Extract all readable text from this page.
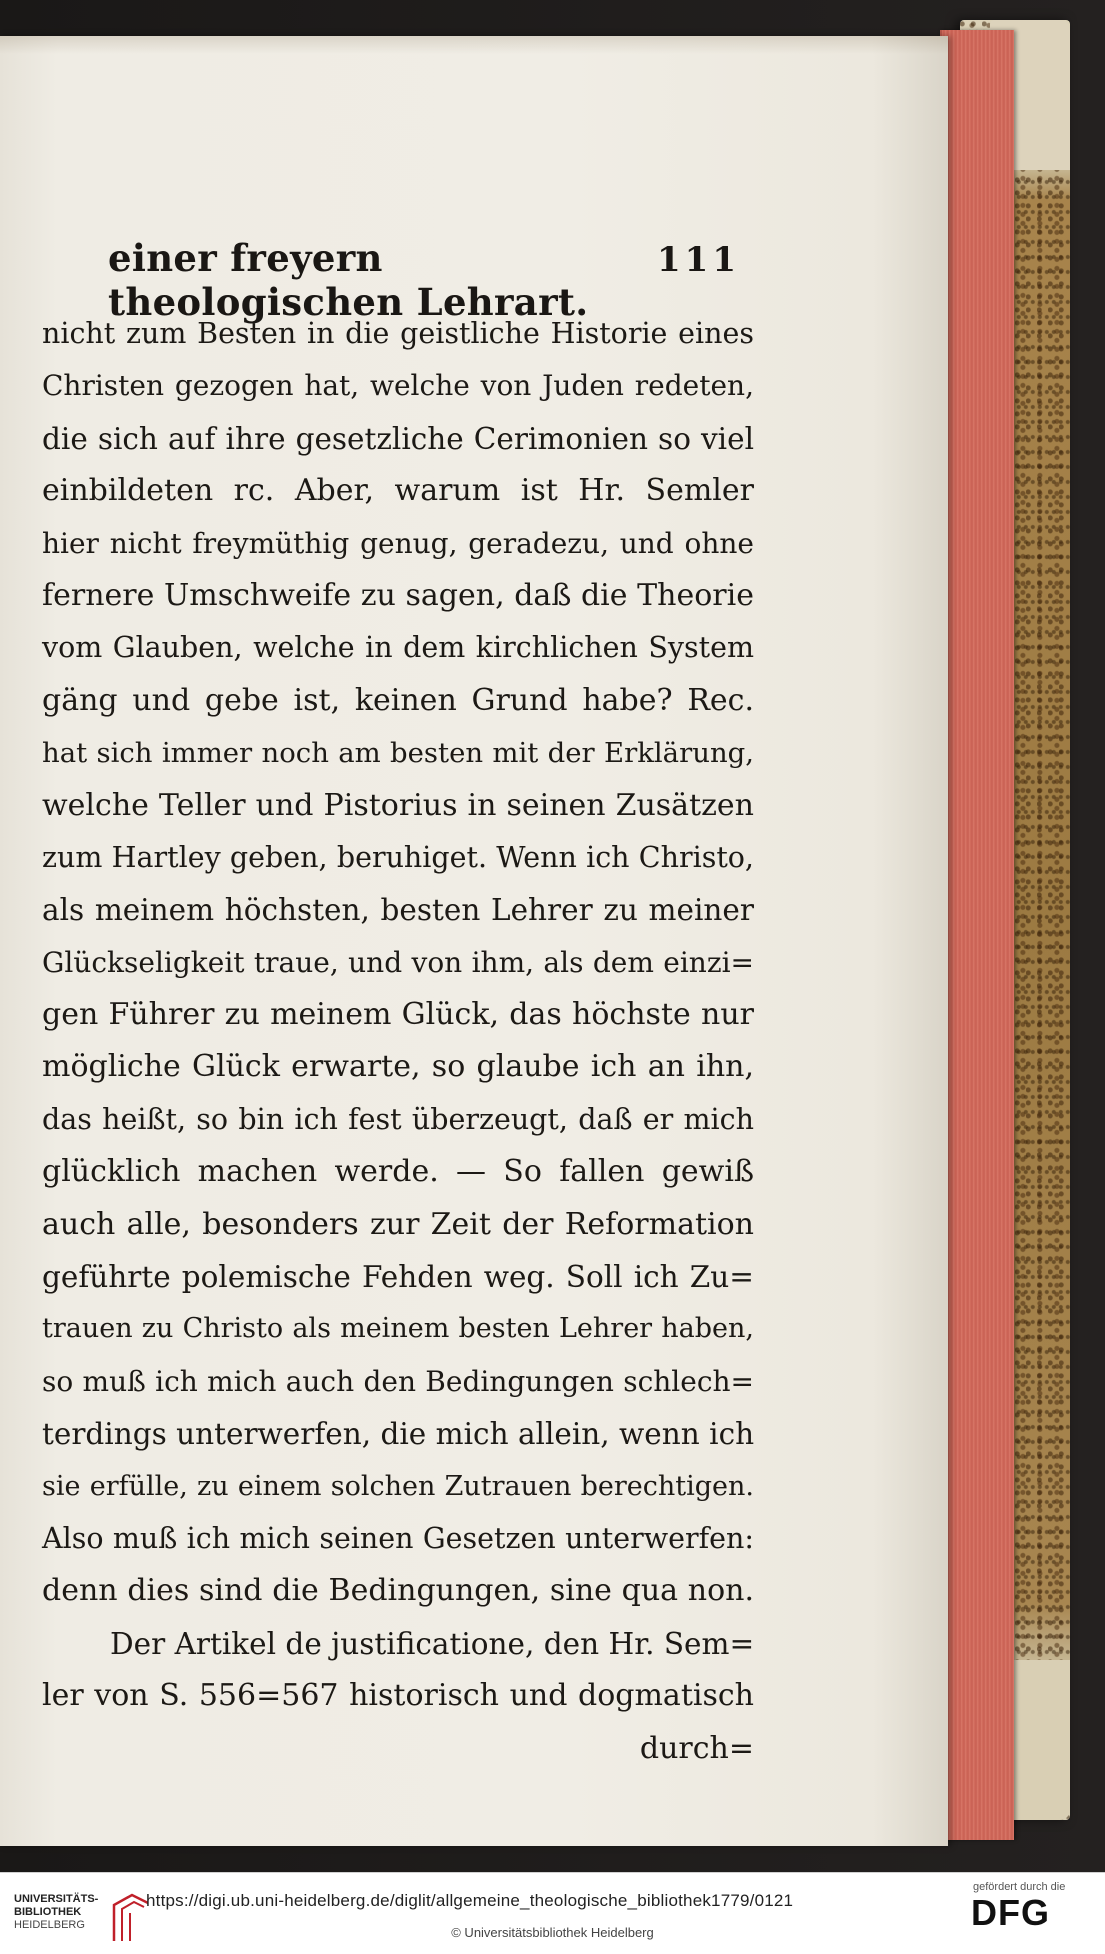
einer freyern theologischen Lehrart.
111
nicht zum Besten in die geistliche Historie eines
Christen gezogen hat, welche von Juden redeten,
die sich auf ihre gesetzliche Cerimonien so viel
einbildeten rc. Aber, warum ist Hr. Semler
hier nicht freymüthig genug, geradezu, und ohne
fernere Umschweife zu sagen, daß die Theorie
vom Glauben, welche in dem kirchlichen System
gäng und gebe ist, keinen Grund habe? Rec.
hat sich immer noch am besten mit der Erklärung,
welche Teller und Pistorius in seinen Zusätzen
zum Hartley geben, beruhiget. Wenn ich Christo,
als meinem höchsten, besten Lehrer zu meiner
Glückseligkeit traue, und von ihm, als dem einzi=
gen Führer zu meinem Glück, das höchste nur
mögliche Glück erwarte, so glaube ich an ihn,
das heißt, so bin ich fest überzeugt, daß er mich
glücklich machen werde. — So fallen gewiß
auch alle, besonders zur Zeit der Reformation
geführte polemische Fehden weg. Soll ich Zu=
trauen zu Christo als meinem besten Lehrer haben,
so muß ich mich auch den Bedingungen schlech=
terdings unterwerfen, die mich allein, wenn ich
sie erfülle, zu einem solchen Zutrauen berechtigen.
Also muß ich mich seinen Gesetzen unterwerfen:
denn dies sind die Bedingungen, sine qua non.
Der Artikel de justificatione, den Hr. Sem=
ler von S. 556=567 historisch und dogmatisch
durch=
UNIVERSITÄTS-
BIBLIOTHEK
HEIDELBERG
https://digi.ub.uni-heidelberg.de/diglit/allgemeine_theologische_bibliothek1779/0121
© Universitätsbibliothek Heidelberg
gefördert durch die
DFG
